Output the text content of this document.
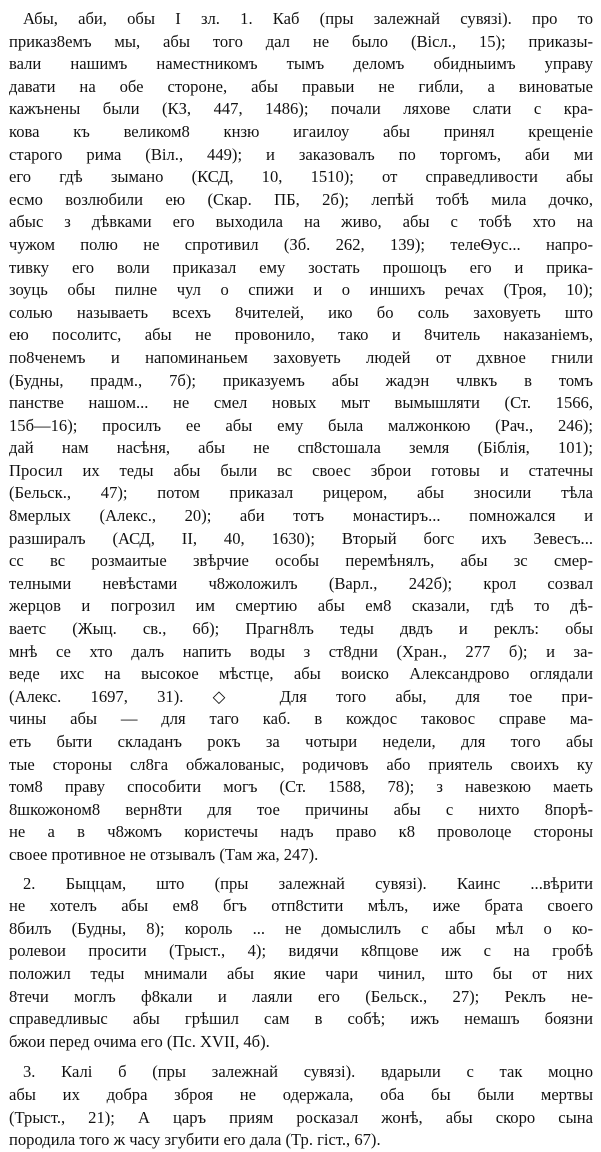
Абы, аби, обы I зл. 1. Каб (пры залежнай сувязі). про то
приказ8емъ мы, абы того дал не было (Вісл., 15); приказы-
вали нашимъ наместникомъ тымъ деломъ обидныимъ управу
давати на обе стороне, абы правыи не гибли, а виноватые
кажънены были (КЗ, 447, 1486); почали ляхове слати с кра-
кова къ великом8 кнзю игаилоу абы принял крещеніе
старого рима (Віл., 449); и заказовалъ по торгомъ, аби ми
его гдѣ зымано (КСД, 10, 1510); от справедливости абы
есмо возлюбили ею (Скар. ПБ, 2б); лепѣй тобѣ мила дочко,
абыс з дѣвками его выходила на живо, абы с тобѣ хто на
чужом полю не спротивил (Зб. 262, 139); телеѲус... напро-
тивку его воли приказал ему зостать прошоцъ его и прика-
зоуць обы пилне чул о спижи и о иншихъ речах (Троя, 10);
солью называеть всехъ 8чителей, ико бо соль заховуеть што
ею посолитс, абы не провонило, тако и 8читель наказаніемъ,
по8ченемъ и напоминаньем заховуеть людей от дхвное гнили
(Будны, прадм., 7б); приказуемъ абы жадэн члвкъ в томъ
панстве нашом... не смел новых мыт вымышляти (Ст. 1566,
15б—16); просилъ ее абы ему была малжонкою (Рач., 246);
дай нам насѣня, абы не сп8стошала земля (Біблія, 101);
Просил их теды абы были вс своес зброи готовы и статечны
(Бельск., 47); потом приказал рицером, абы зносили тѣла
8мерлых (Алекс., 20); аби тотъ монастиръ... помножался и
разширалъ (АСД, II, 40, 1630); Вторый богс ихъ Зевесъ...
сс вс розмаитые звѣрчие особы перемѣнялъ, абы зс смер-
телными невѣстами ч8жоложилъ (Варл., 242б); крол созвал
жерцов и погрозил им смертию абы ем8 сказали, гдѣ то дѣ-
ваетс (Жыц. св., 6б); Прагн8лъ теды двдъ и реклъ: обы
мнѣ се хто далъ напить воды з ст8дни (Хран., 277 б); и за-
веде ихс на высокое мѣстце, абы воиско Александрово оглядали
(Алекс. 1697, 31). ◇ Для того абы, для тое при-
чины абы — для таго каб. в кождос таковос справе ма-
еть быти складанъ рокъ за чотыри недели, для того абы
тые стороны сл8га обжалованыс, родичовъ або приятель своихъ ку
том8 праву способити могъ (Ст. 1588, 78); з навезкою маеть
8шкожоном8 верн8ти для тое причины абы с нихто 8порѣ-
не а в ч8жомъ користечы надъ право к8 проволоце стороны
своее противное не отзывалъ (Там жа, 247).
2. Быццам, што (пры залежнай сувязі). Каинс ...вѣрити
не хотелъ абы ем8 бгъ отп8стити мѣлъ, иже брата своего
8билъ (Будны, 8); король ... не домыслилъ с абы мѣл о ко-
ролевои просити (Трыст., 4); видячи к8пцове иж с на гробѣ
положил теды мнимали абы якие чари чинил, што бы от них
8течи моглъ ф8кали и лаяли его (Бельск., 27); Реклъ не-
справедливыс абы грѣшил сам в собѣ; ижъ немашъ боязни
бжои перед очима его (Пс. XVII, 4б).
3. Калі б (пры залежнай сувязі). вдарыли с так моцно
абы их добра зброя не одержала, оба бы были мертвы
(Трыст., 21); А царъ приям росказал жонѣ, абы скоро сына
породила того ж часу згубити его дала (Тр. гіст., 67).
